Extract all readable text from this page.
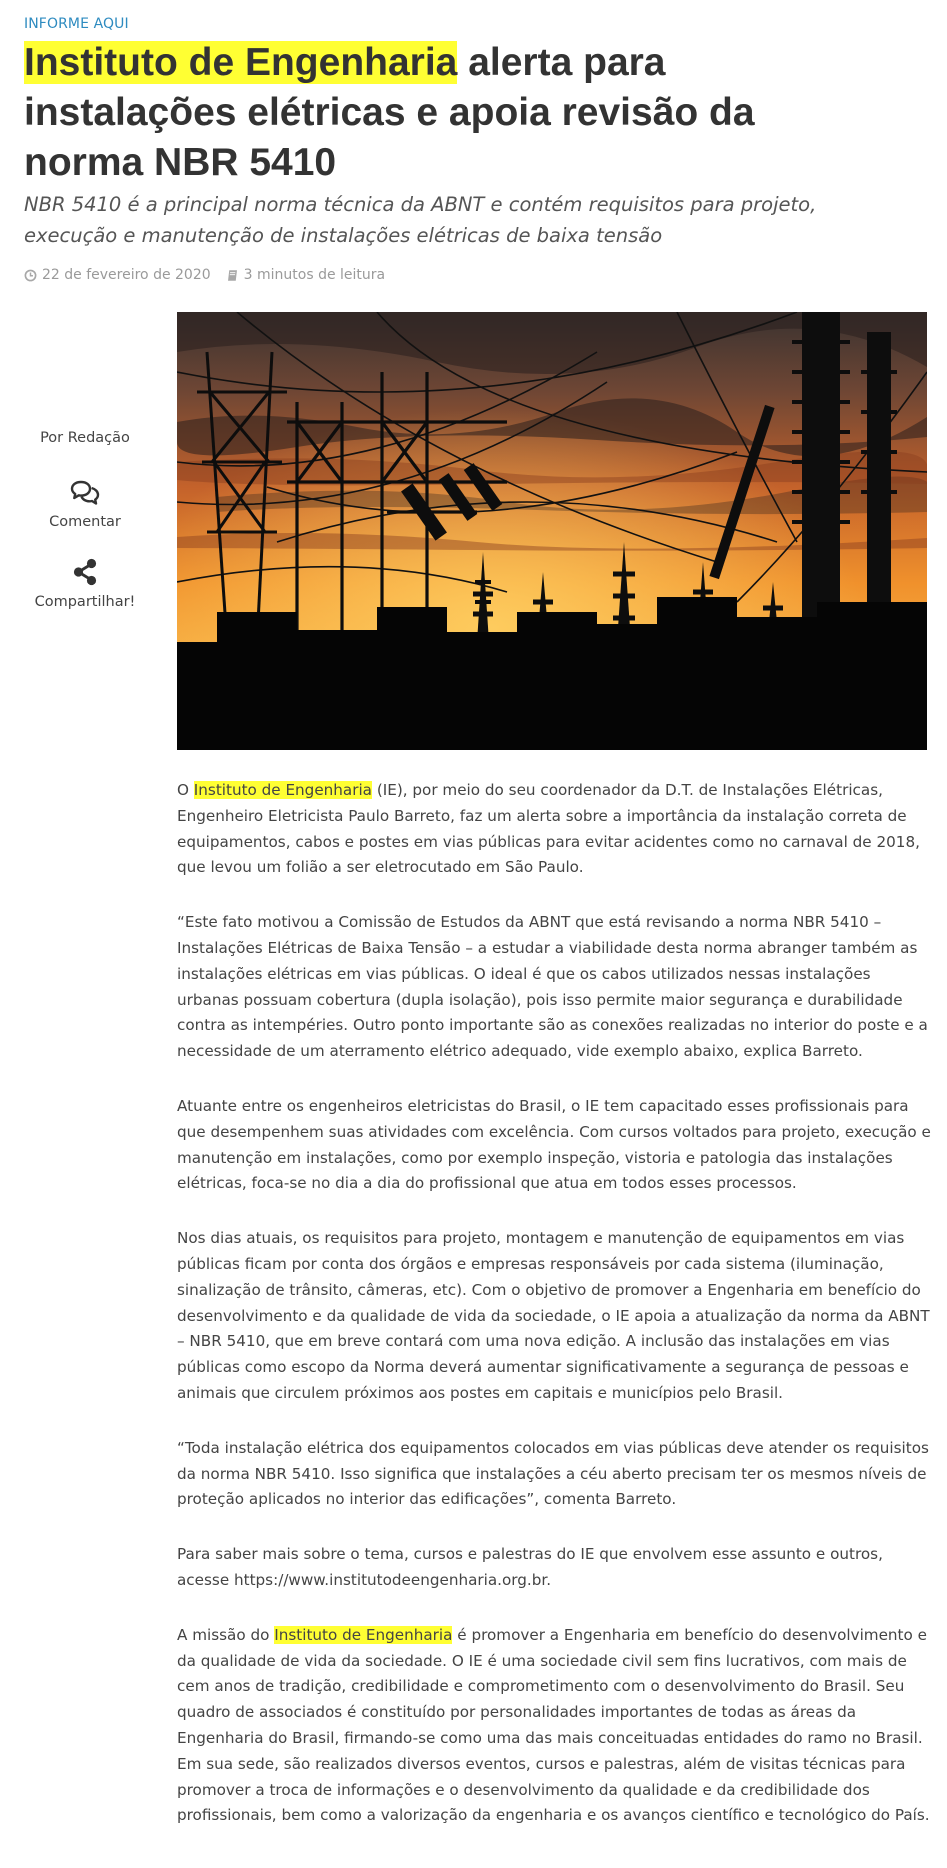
INFORME AQUI
Instituto de Engenharia alerta para instalações elétricas e apoia revisão da norma NBR 5410

NBR 5410 é a principal norma técnica da ABNT e contém requisitos para projeto, execução e manutenção de instalações elétricas de baixa tensão

22 de fevereiro de 2020 3 minutos de leitura
Por Redação
Comentar
Compartilhar!

O Instituto de Engenharia (IE), por meio do seu coordenador da D.T. de Instalações Elétricas, Engenheiro Eletricista Paulo Barreto, faz um alerta sobre a importância da instalação correta de equipamentos, cabos e postes em vias públicas para evitar acidentes como no carnaval de 2018, que levou um folião a ser eletrocutado em São Paulo.

“Este fato motivou a Comissão de Estudos da ABNT que está revisando a norma NBR 5410 – Instalações Elétricas de Baixa Tensão – a estudar a viabilidade desta norma abranger também as instalações elétricas em vias públicas. O ideal é que os cabos utilizados nessas instalações urbanas possuam cobertura (dupla isolação), pois isso permite maior segurança e durabilidade contra as intempéries. Outro ponto importante são as conexões realizadas no interior do poste e a necessidade de um aterramento elétrico adequado, vide exemplo abaixo, explica Barreto.

Atuante entre os engenheiros eletricistas do Brasil, o IE tem capacitado esses profissionais para que desempenhem suas atividades com excelência. Com cursos voltados para projeto, execução e manutenção em instalações, como por exemplo inspeção, vistoria e patologia das instalações elétricas, foca-se no dia a dia do profissional que atua em todos esses processos.

Nos dias atuais, os requisitos para projeto, montagem e manutenção de equipamentos em vias públicas ficam por conta dos órgãos e empresas responsáveis por cada sistema (iluminação, sinalização de trânsito, câmeras, etc). Com o objetivo de promover a Engenharia em benefício do desenvolvimento e da qualidade de vida da sociedade, o IE apoia a atualização da norma da ABNT – NBR 5410, que em breve contará com uma nova edição. A inclusão das instalações em vias públicas como escopo da Norma deverá aumentar significativamente a segurança de pessoas e animais que circulem próximos aos postes em capitais e municípios pelo Brasil.

“Toda instalação elétrica dos equipamentos colocados em vias públicas deve atender os requisitos da norma NBR 5410. Isso significa que instalações a céu aberto precisam ter os mesmos níveis de proteção aplicados no interior das edificações”, comenta Barreto.

Para saber mais sobre o tema, cursos e palestras do IE que envolvem esse assunto e outros, acesse https://www.institutodeengenharia.org.br.

A missão do Instituto de Engenharia é promover a Engenharia em benefício do desenvolvimento e da qualidade de vida da sociedade. O IE é uma sociedade civil sem fins lucrativos, com mais de cem anos de tradição, credibilidade e comprometimento com o desenvolvimento do Brasil. Seu quadro de associados é constituído por personalidades importantes de todas as áreas da Engenharia do Brasil, firmando-se como uma das mais conceituadas entidades do ramo no Brasil. Em sua sede, são realizados diversos eventos, cursos e palestras, além de visitas técnicas para promover a troca de informações e o desenvolvimento da qualidade e da credibilidade dos profissionais, bem como a valorização da engenharia e os avanços científico e tecnológico do País.
